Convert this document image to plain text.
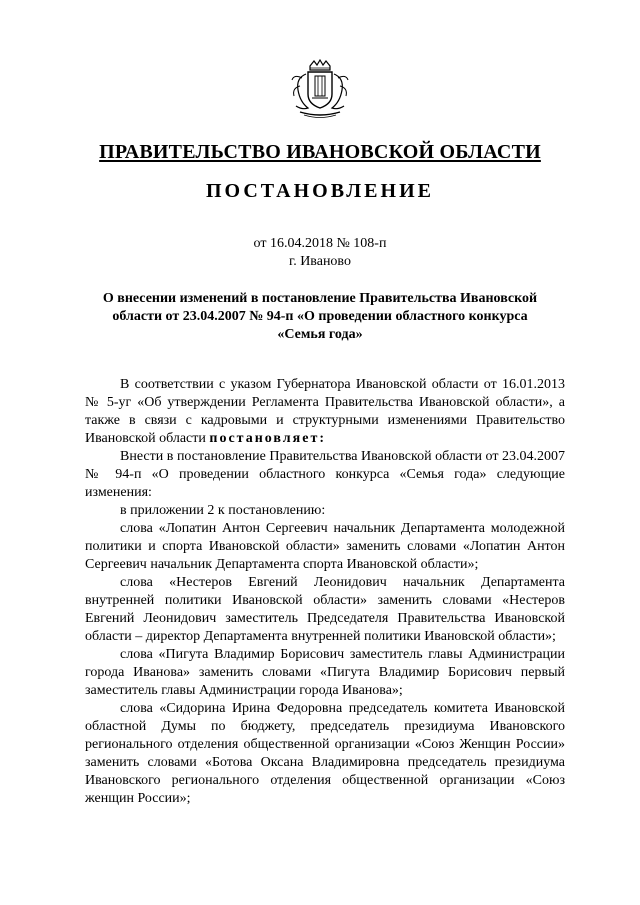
ПРАВИТЕЛЬСТВО ИВАНОВСКОЙ ОБЛАСТИ
ПОСТАНОВЛЕНИЕ
от 16.04.2018 № 108-п
г. Иваново
О внесении изменений в постановление Правительства Ивановской области от 23.04.2007 № 94-п «О проведении областного конкурса «Семья года»

В соответствии с указом Губернатора Ивановской области от 16.01.2013 № 5-уг «Об утверждении Регламента Правительства Ивановской области», а также в связи с кадровыми и структурными изменениями Правительство Ивановской области постановляет:

Внести в постановление Правительства Ивановской области от 23.04.2007 № 94-п «О проведении областного конкурса «Семья года» следующие изменения:

в приложении 2 к постановлению:

слова «Лопатин Антон Сергеевич начальник Департамента молодежной политики и спорта Ивановской области» заменить словами «Лопатин Антон Сергеевич начальник Департамента спорта Ивановской области»;

слова «Нестеров Евгений Леонидович начальник Департамента внутренней политики Ивановской области» заменить словами «Нестеров Евгений Леонидович заместитель Председателя Правительства Ивановской области – директор Департамента внутренней политики Ивановской области»;

слова «Пигута Владимир Борисович заместитель главы Администрации города Иванова» заменить словами «Пигута Владимир Борисович первый заместитель главы Администрации города Иванова»;

слова «Сидорина Ирина Федоровна председатель комитета Ивановской областной Думы по бюджету, председатель президиума Ивановского регионального отделения общественной организации «Союз Женщин России» заменить словами «Ботова Оксана Владимировна председатель президиума Ивановского регионального отделения общественной организации «Союз женщин России»;
